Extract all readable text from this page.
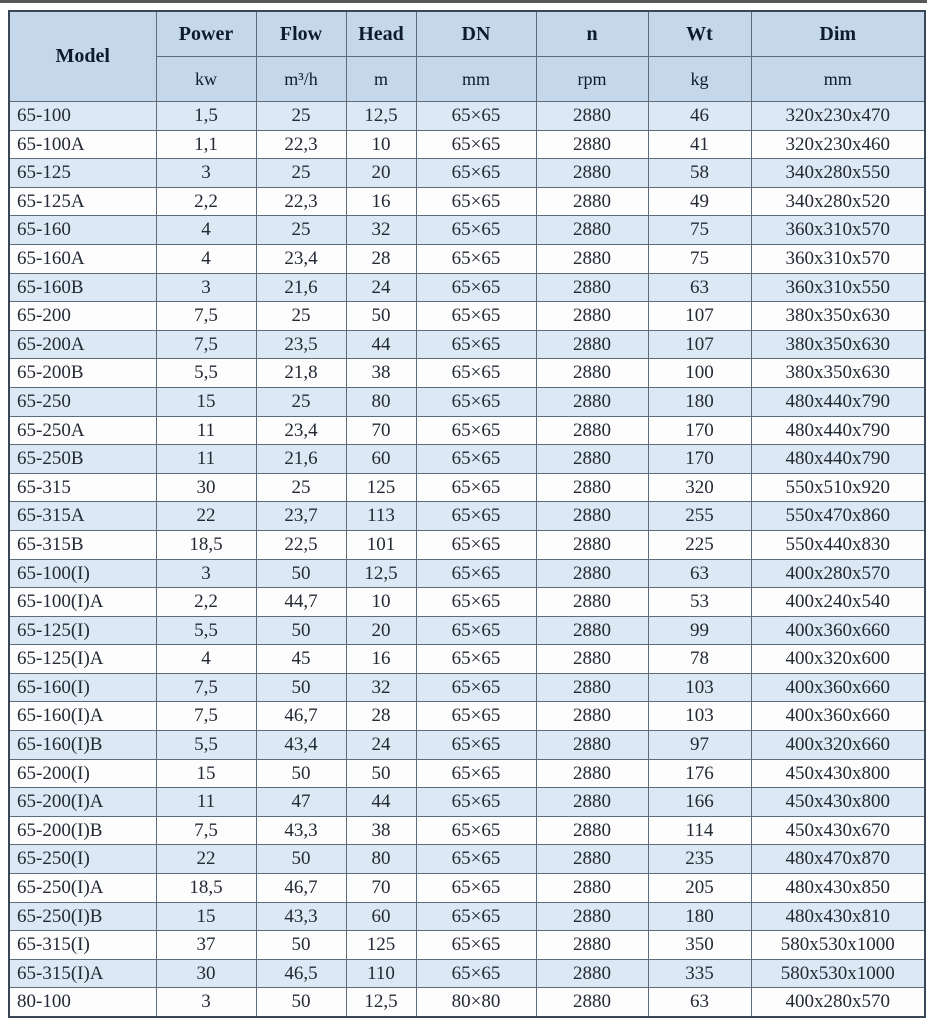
Model	Power	Flow	Head	DN	n	Wt	Dim
	kw	m³/h	m	mm	rpm	kg	mm
65-100	1,5	25	12,5	65×65	2880	46	320x230x470
65-100A	1,1	22,3	10	65×65	2880	41	320x230x460
65-125	3	25	20	65×65	2880	58	340x280x550
65-125A	2,2	22,3	16	65×65	2880	49	340x280x520
65-160	4	25	32	65×65	2880	75	360x310x570
65-160A	4	23,4	28	65×65	2880	75	360x310x570
65-160B	3	21,6	24	65×65	2880	63	360x310x550
65-200	7,5	25	50	65×65	2880	107	380x350x630
65-200A	7,5	23,5	44	65×65	2880	107	380x350x630
65-200B	5,5	21,8	38	65×65	2880	100	380x350x630
65-250	15	25	80	65×65	2880	180	480x440x790
65-250A	11	23,4	70	65×65	2880	170	480x440x790
65-250B	11	21,6	60	65×65	2880	170	480x440x790
65-315	30	25	125	65×65	2880	320	550x510x920
65-315A	22	23,7	113	65×65	2880	255	550x470x860
65-315B	18,5	22,5	101	65×65	2880	225	550x440x830
65-100(I)	3	50	12,5	65×65	2880	63	400x280x570
65-100(I)A	2,2	44,7	10	65×65	2880	53	400x240x540
65-125(I)	5,5	50	20	65×65	2880	99	400x360x660
65-125(I)A	4	45	16	65×65	2880	78	400x320x600
65-160(I)	7,5	50	32	65×65	2880	103	400x360x660
65-160(I)A	7,5	46,7	28	65×65	2880	103	400x360x660
65-160(I)B	5,5	43,4	24	65×65	2880	97	400x320x660
65-200(I)	15	50	50	65×65	2880	176	450x430x800
65-200(I)A	11	47	44	65×65	2880	166	450x430x800
65-200(I)B	7,5	43,3	38	65×65	2880	114	450x430x670
65-250(I)	22	50	80	65×65	2880	235	480x470x870
65-250(I)A	18,5	46,7	70	65×65	2880	205	480x430x850
65-250(I)B	15	43,3	60	65×65	2880	180	480x430x810
65-315(I)	37	50	125	65×65	2880	350	580x530x1000
65-315(I)A	30	46,5	110	65×65	2880	335	580x530x1000
80-100	3	50	12,5	80×80	2880	63	400x280x570
